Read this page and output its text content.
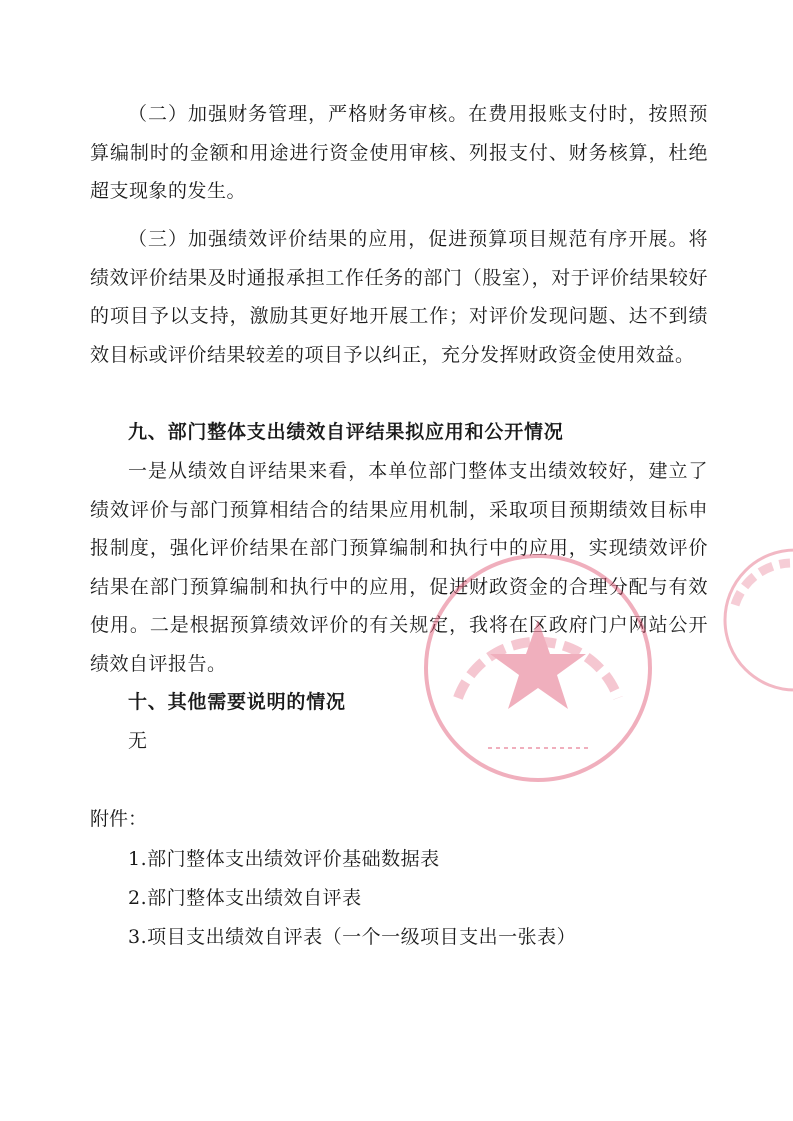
（二）加强财务管理，严格财务审核。在费用报账支付时，按照预算编制时的金额和用途进行资金使用审核、列报支付、财务核算，杜绝超支现象的发生。

（三）加强绩效评价结果的应用，促进预算项目规范有序开展。将绩效评价结果及时通报承担工作任务的部门（股室），对于评价结果较好的项目予以支持，激励其更好地开展工作；对评价发现问题、达不到绩效目标或评价结果较差的项目予以纠正，充分发挥财政资金使用效益。

九、部门整体支出绩效自评结果拟应用和公开情况

一是从绩效自评结果来看，本单位部门整体支出绩效较好，建立了绩效评价与部门预算相结合的结果应用机制，采取项目预期绩效目标申报制度，强化评价结果在部门预算编制和执行中的应用，实现绩效评价结果在部门预算编制和执行中的应用，促进财政资金的合理分配与有效使用。二是根据预算绩效评价的有关规定，我将在区政府门户网站公开绩效自评报告。

十、其他需要说明的情况

无

附件：
1.部门整体支出绩效评价基础数据表
2.部门整体支出绩效自评表
3.项目支出绩效自评表（一个一级项目支出一张表）
